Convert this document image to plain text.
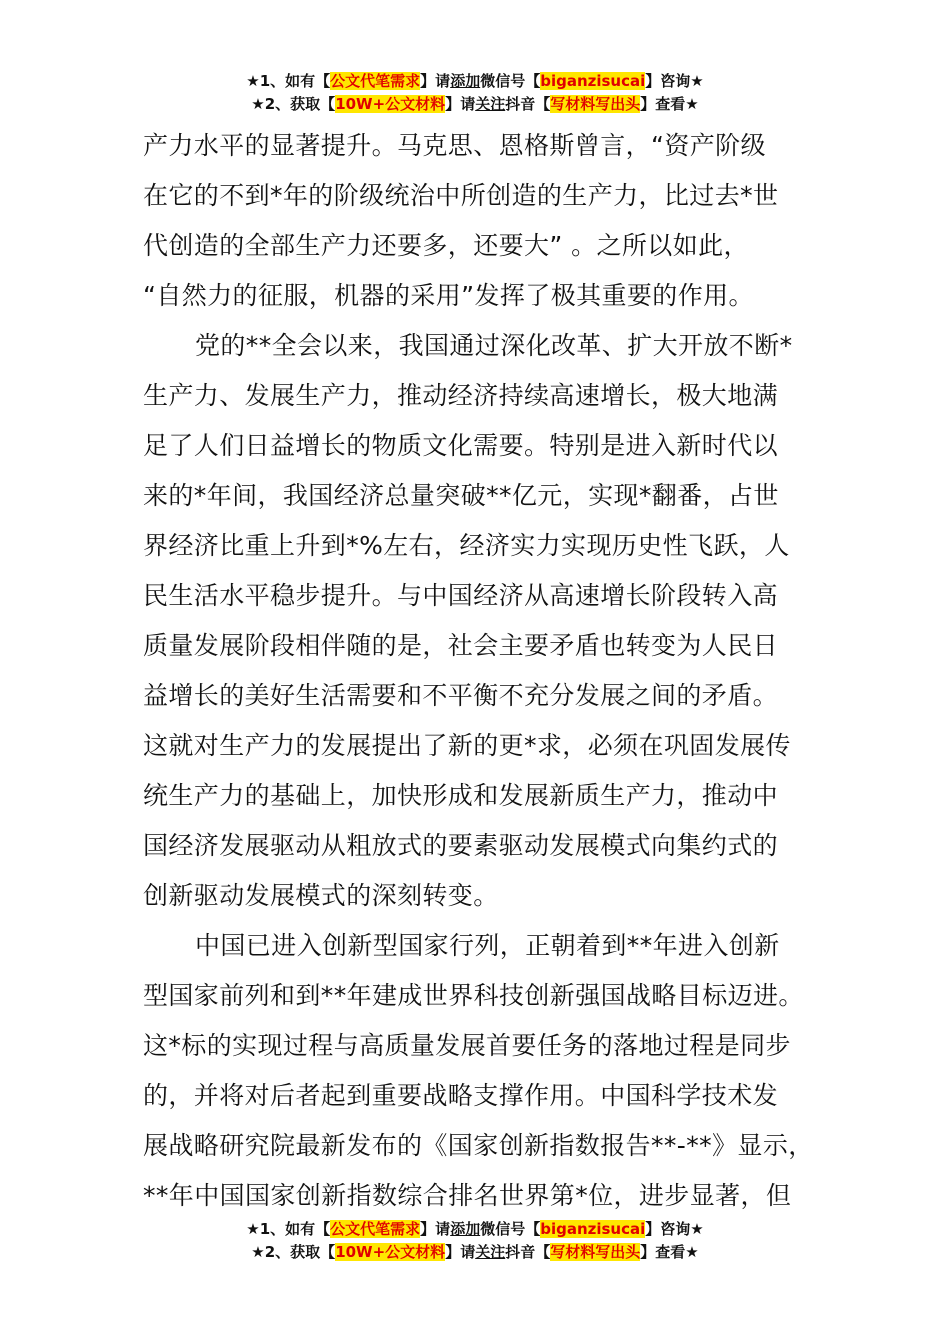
★1、如有【公文代笔需求】请添加微信号【biganzisucai】咨询★
★2、获取【10W+公文材料】请关注抖音【写材料写出头】查看★
产力水平的显著提升。马克思、恩格斯曾言，“资产阶级
在它的不到*年的阶级统治中所创造的生产力，比过去*世
代创造的全部生产力还要多，还要大” 。之所以如此，
“自然力的征服，机器的采用”发挥了极其重要的作用。
党的**全会以来，我国通过深化改革、扩大开放不断*
生产力、发展生产力，推动经济持续高速增长，极大地满
足了人们日益增长的物质文化需要。特别是进入新时代以
来的*年间，我国经济总量突破**亿元，实现*翻番，占世
界经济比重上升到*%左右，经济实力实现历史性飞跃，人
民生活水平稳步提升。与中国经济从高速增长阶段转入高
质量发展阶段相伴随的是，社会主要矛盾也转变为人民日
益增长的美好生活需要和不平衡不充分发展之间的矛盾。
这就对生产力的发展提出了新的更*求，必须在巩固发展传
统生产力的基础上，加快形成和发展新质生产力，推动中
国经济发展驱动从粗放式的要素驱动发展模式向集约式的
创新驱动发展模式的深刻转变。
中国已进入创新型国家行列，正朝着到**年进入创新
型国家前列和到**年建成世界科技创新强国战略目标迈进。
这*标的实现过程与高质量发展首要任务的落地过程是同步
的，并将对后者起到重要战略支撑作用。中国科学技术发
展战略研究院最新发布的《国家创新指数报告**-**》显示，
**年中国国家创新指数综合排名世界第*位，进步显著，但
★1、如有【公文代笔需求】请添加微信号【biganzisucai】咨询★
★2、获取【10W+公文材料】请关注抖音【写材料写出头】查看★
